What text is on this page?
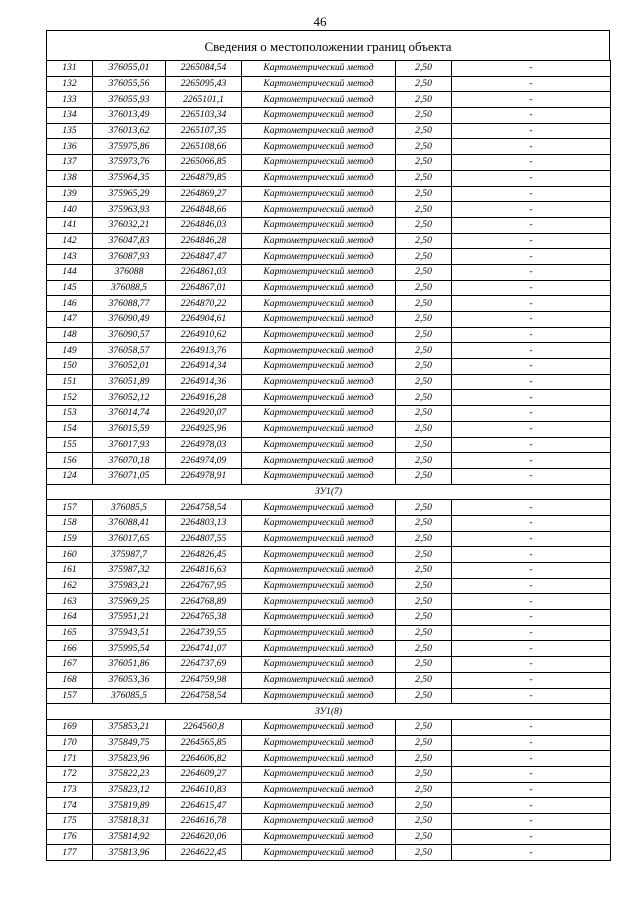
46
Сведения о местоположении границ объекта
131	376055,01	2265084,54	Картометрический метод	2,50	-
132	376055,56	2265095,43	Картометрический метод	2,50	-
133	376055,93	2265101,1	Картометрический метод	2,50	-
134	376013,49	2265103,34	Картометрический метод	2,50	-
135	376013,62	2265107,35	Картометрический метод	2,50	-
136	375975,86	2265108,66	Картометрический метод	2,50	-
137	375973,76	2265066,85	Картометрический метод	2,50	-
138	375964,35	2264879,85	Картометрический метод	2,50	-
139	375965,29	2264869,27	Картометрический метод	2,50	-
140	375963,93	2264848,66	Картометрический метод	2,50	-
141	376032,21	2264846,03	Картометрический метод	2,50	-
142	376047,83	2264846,28	Картометрический метод	2,50	-
143	376087,93	2264847,47	Картометрический метод	2,50	-
144	376088	2264861,03	Картометрический метод	2,50	-
145	376088,5	2264867,01	Картометрический метод	2,50	-
146	376088,77	2264870,22	Картометрический метод	2,50	-
147	376090,49	2264904,61	Картометрический метод	2,50	-
148	376090,57	2264910,62	Картометрический метод	2,50	-
149	376058,57	2264913,76	Картометрический метод	2,50	-
150	376052,01	2264914,34	Картометрический метод	2,50	-
151	376051,89	2264914,36	Картометрический метод	2,50	-
152	376052,12	2264916,28	Картометрический метод	2,50	-
153	376014,74	2264920,07	Картометрический метод	2,50	-
154	376015,59	2264925,96	Картометрический метод	2,50	-
155	376017,93	2264978,03	Картометрический метод	2,50	-
156	376070,18	2264974,09	Картометрический метод	2,50	-
124	376071,05	2264978,91	Картометрический метод	2,50	-
ЗУ1(7)					
157	376085,5	2264758,54	Картометрический метод	2,50	-
158	376088,41	2264803,13	Картометрический метод	2,50	-
159	376017,65	2264807,55	Картометрический метод	2,50	-
160	375987,7	2264826,45	Картометрический метод	2,50	-
161	375987,32	2264816,63	Картометрический метод	2,50	-
162	375983,21	2264767,95	Картометрический метод	2,50	-
163	375969,25	2264768,89	Картометрический метод	2,50	-
164	375951,21	2264765,38	Картометрический метод	2,50	-
165	375943,51	2264739,55	Картометрический метод	2,50	-
166	375995,54	2264741,07	Картометрический метод	2,50	-
167	376051,86	2264737,69	Картометрический метод	2,50	-
168	376053,36	2264759,98	Картометрический метод	2,50	-
157	376085,5	2264758,54	Картометрический метод	2,50	-
ЗУ1(8)					
169	375853,21	2264560,8	Картометрический метод	2,50	-
170	375849,75	2264565,85	Картометрический метод	2,50	-
171	375823,96	2264606,82	Картометрический метод	2,50	-
172	375822,23	2264609,27	Картометрический метод	2,50	-
173	375823,12	2264610,83	Картометрический метод	2,50	-
174	375819,89	2264615,47	Картометрический метод	2,50	-
175	375818,31	2264616,78	Картометрический метод	2,50	-
176	375814,92	2264620,06	Картометрический метод	2,50	-
177	375813,96	2264622,45	Картометрический метод	2,50	-
